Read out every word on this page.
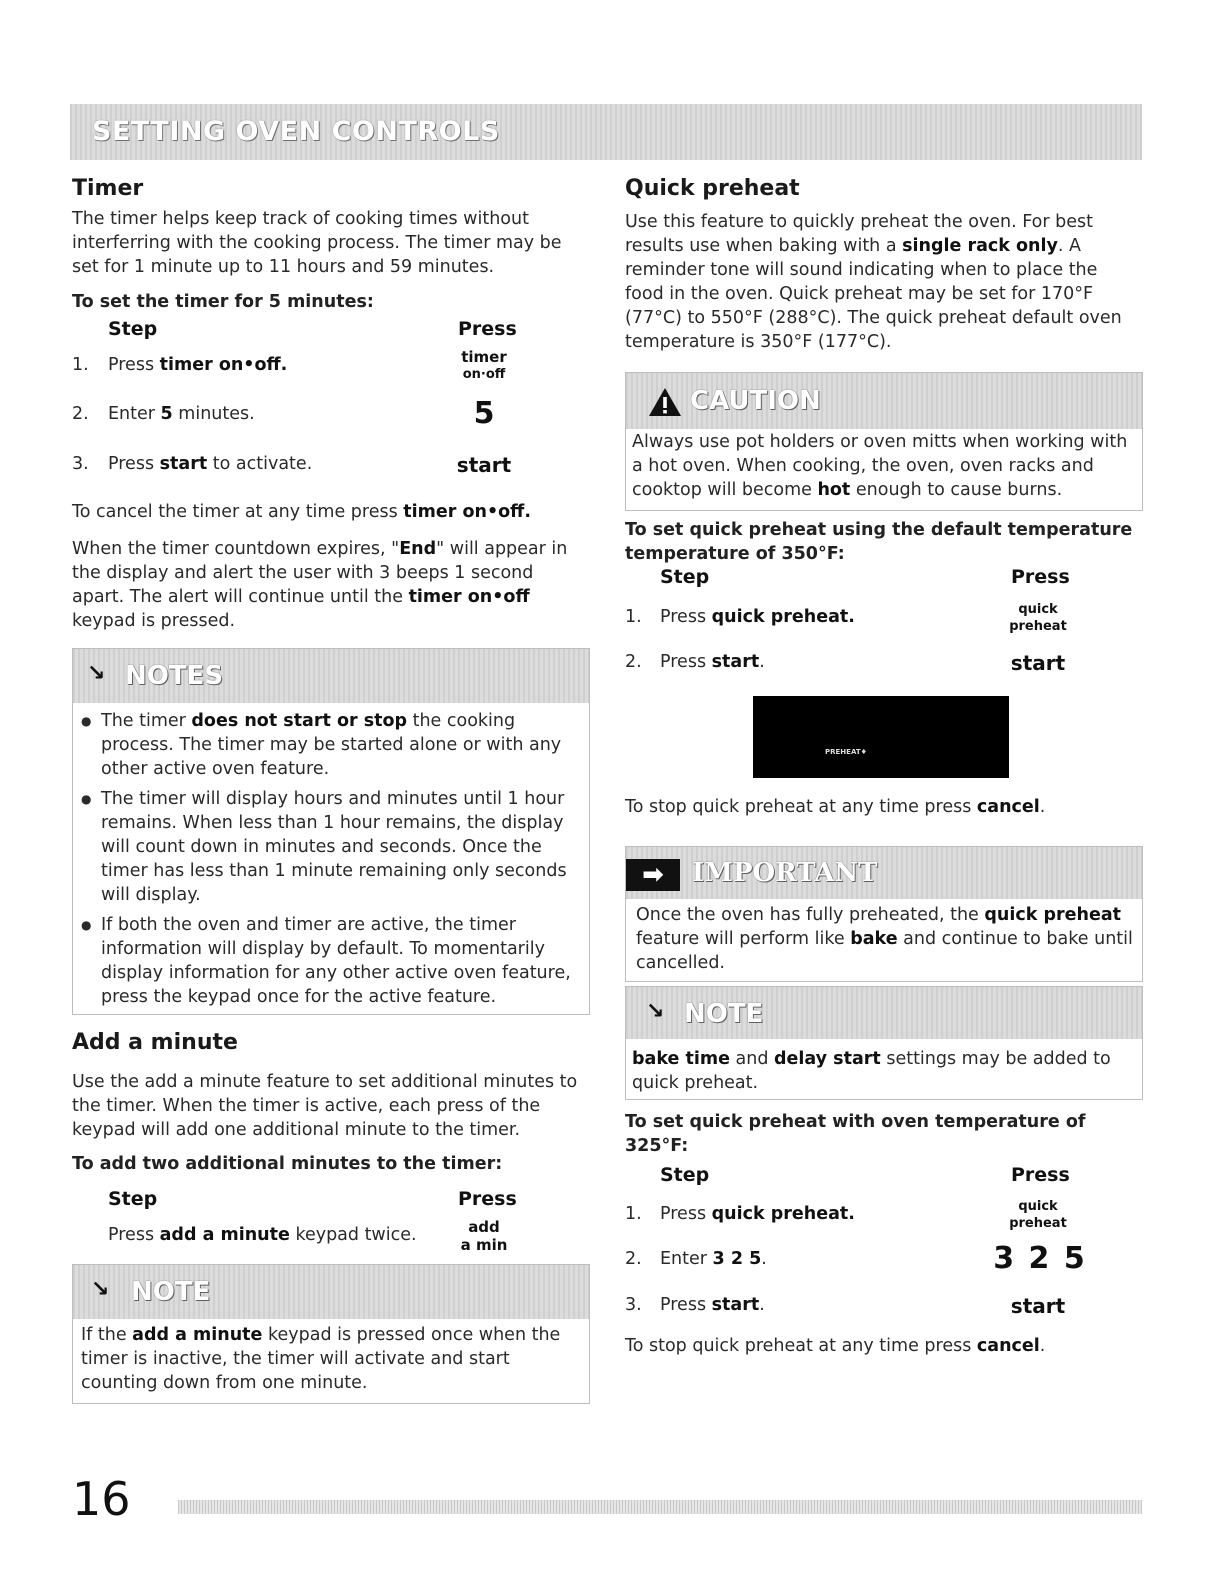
SETTING OVEN CONTROLS
Timer

The timer helps keep track of cooking times without interferring with the cooking process. The timer may be set for 1 minute up to 11 hours and 59 minutes.

To set the timer for 5 minutes:
Step	Press
1. Press timer on•off.	timer
on·off
2. Enter 5 minutes.	5
3. Press start to activate.	start

To cancel the timer at any time press timer on•off.

When the timer countdown expires, "End" will appear in the display and alert the user with 3 beeps 1 second apart. The alert will continue until the timer on•off keypad is pressed.

↘ NOTES
● The timer does not start or stop the cooking process. The timer may be started alone or with any other active oven feature.
● The timer will display hours and minutes until 1 hour remains. When less than 1 hour remains, the display will count down in minutes and seconds. Once the timer has less than 1 minute remaining only seconds will display.
● If both the oven and timer are active, the timer information will display by default. To momentarily display information for any other active oven feature, press the keypad once for the active feature.
Add a minute

Use the add a minute feature to set additional minutes to the timer. When the timer is active, each press of the keypad will add one additional minute to the timer.

To add two additional minutes to the timer:
Step	Press
Press add a minute keypad twice.	add
a min
↘ NOTE
If the add a minute keypad is pressed once when the timer is inactive, the timer will activate and start counting down from one minute.
Quick preheat

Use this feature to quickly preheat the oven. For best results use when baking with a single rack only. A reminder tone will sound indicating when to place the food in the oven. Quick preheat may be set for 170°F (77°C) to 550°F (288°C). The quick preheat default oven temperature is 350°F (177°C).

CAUTION
Always use pot holders or oven mitts when working with a hot oven. When cooking, the oven, oven racks and cooktop will become hot enough to cause burns.
To set quick preheat using the default temperature temperature of 350°F:
Step	Press
1. Press quick preheat.	quick
preheat
2. Press start.	start
PREHEAT♦

To stop quick preheat at any time press cancel.

➡	IMPORTANT
Once the oven has fully preheated, the quick preheat feature will perform like bake and continue to bake until cancelled.
↘ NOTE
bake time and delay start settings may be added to quick preheat.
To set quick preheat with oven temperature of 325°F:
Step	Press
1. Press quick preheat.	quick
preheat
2. Enter 3 2 5.	3 2 5
3. Press start.	start

To stop quick preheat at any time press cancel.

16
